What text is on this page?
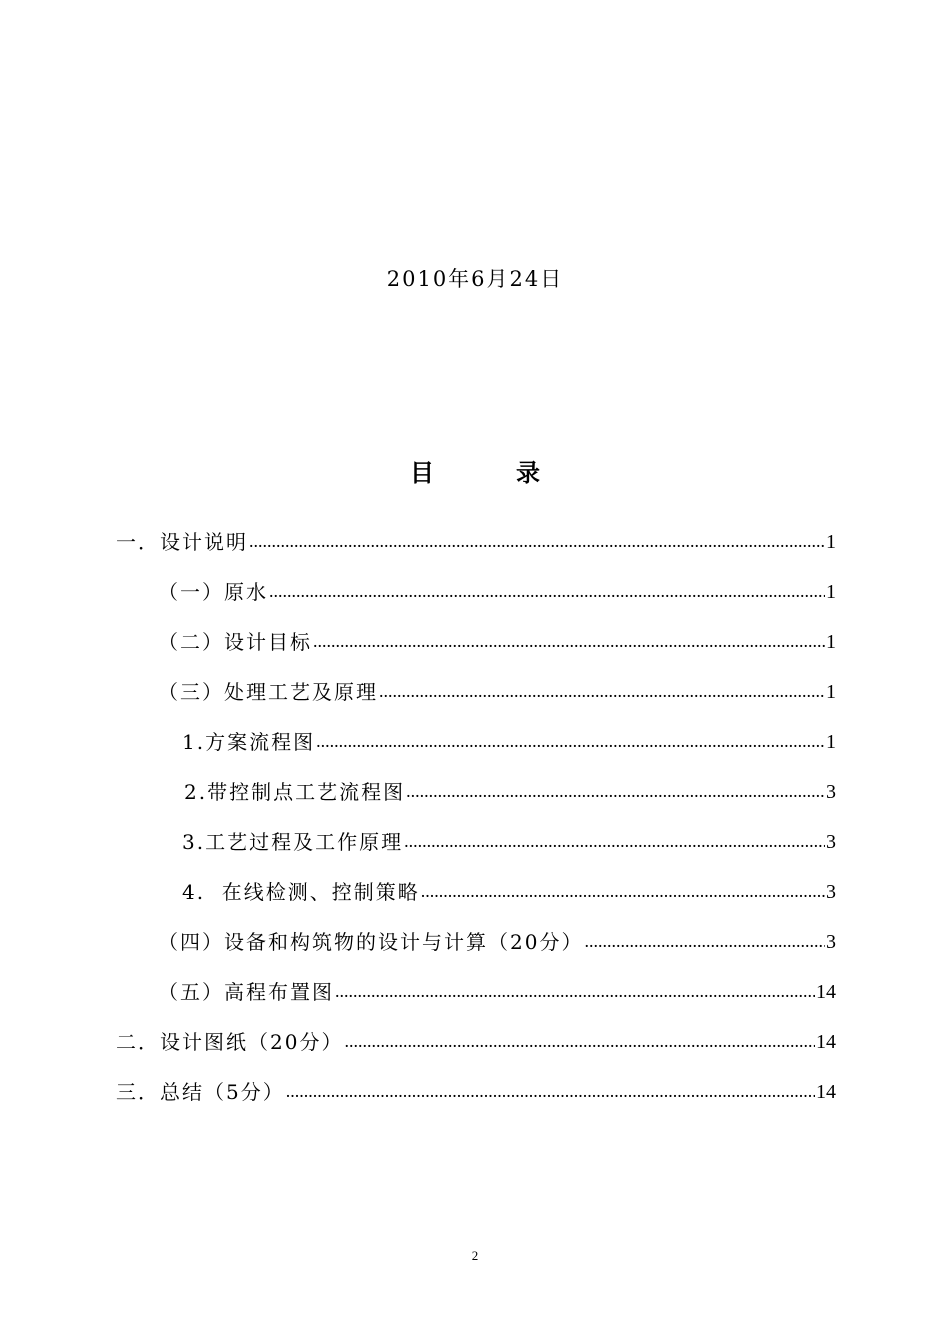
2010年6月24日
目	录
一．设计说明 .....	1
（一）原水 .....	1
（二）设计目标 .....	1
（三）处理工艺及原理 .....	1
1.方案流程图 .....	1
2.带控制点工艺流程图 .....	3
3.工艺过程及工作原理 .....	3
4.  在线检测、控制策略 .....	3
（四）设备和构筑物的设计与计算（20分） .....	3
（五）高程布置图 .....	14
二．设计图纸（20分） .....	14
三．总结（5分） .....	14
2
